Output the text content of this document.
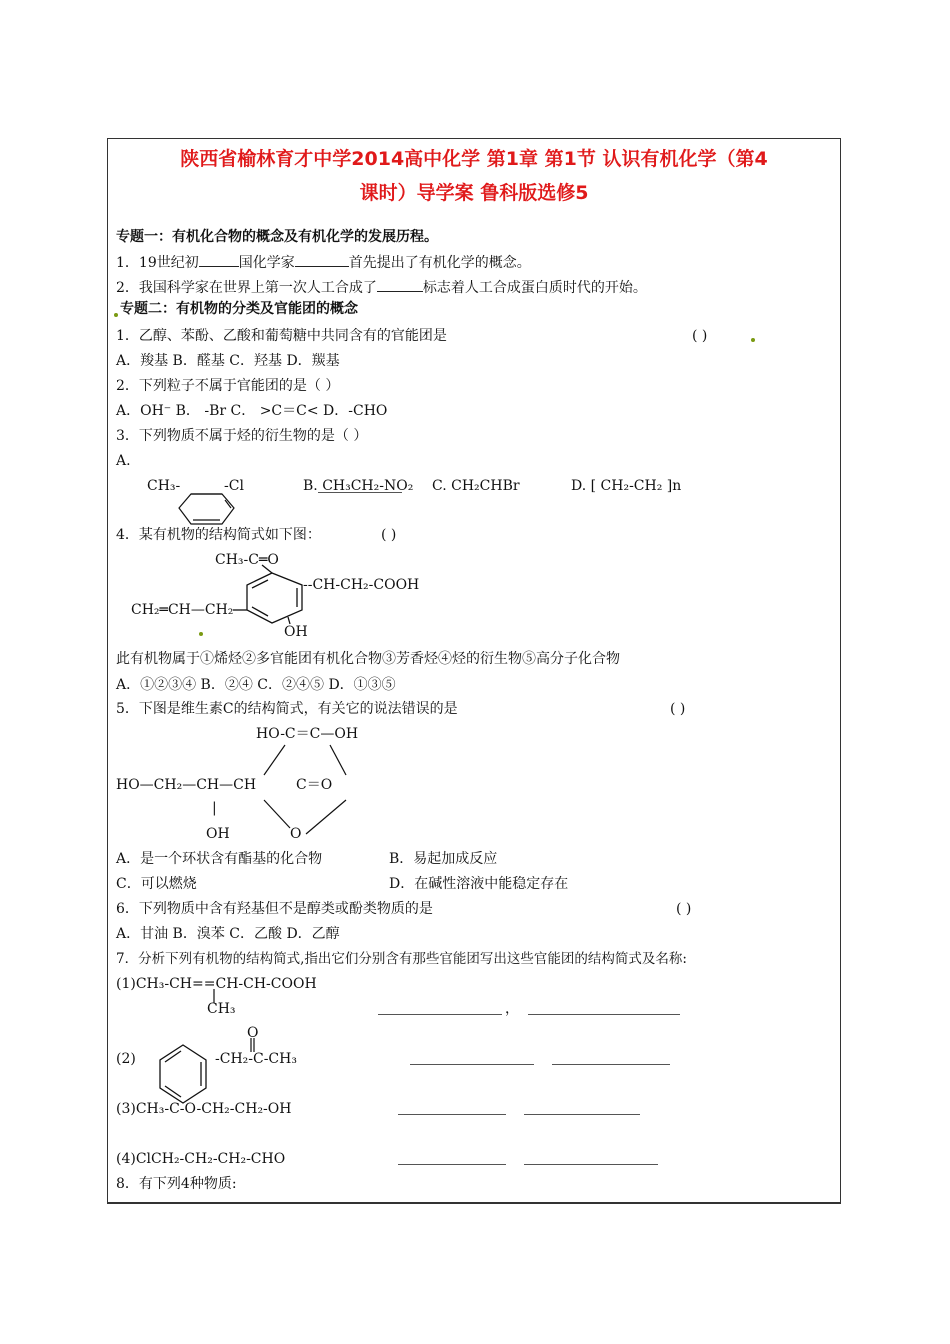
陕西省榆林育才中学2014高中化学 第1章 第1节 认识有机化学（第4
课时）导学案 鲁科版选修5
专题一：有机化合物的概念及有机化学的发展历程。
1．19世纪初	国化学家	首先提出了有机化学的概念。
2．我国科学家在世界上第一次人工合成了	标志着人工合成蛋白质时代的开始。
专题二：有机物的分类及官能团的概念
1．乙醇、苯酚、乙酸和葡萄糖中共同含有的官能团是	( )
A．羧基 B．醛基 C．羟基 D．羰基
2．下列粒子不属于官能团的是（ ）
A．OH⁻ B． -Br C． >C＝C< D．-CHO
3．下列物质不属于烃的衍生物的是（ ）
A.
CH₃-	-Cl	B. CH₃CH₂-NO₂ C. CH₂CHBr	D. [ CH₂-CH₂ ]n
4．某有机物的结构简式如下图：	( )
CH₃-C═O
--CH-CH₂-COOH
CH₂═CH—CH₂—
OH
此有机物属于①烯烃②多官能团有机化合物③芳香烃④烃的衍生物⑤高分子化合物
A．①②③④ B．②④ C．②④⑤ D．①③⑤
5．下图是维生素C的结构简式，有关它的说法错误的是	( )
HO-C＝C—OH
HO—CH₂—CH—CH	C＝O
|
OH	O
A．是一个环状含有酯基的化合物	B．易起加成反应
C．可以燃烧	D．在碱性溶液中能稳定存在
6．下列物质中含有羟基但不是醇类或酚类物质的是	( )
A．甘油 B．溴苯 C．乙酸 D．乙醇
7．分析下列有机物的结构简式,指出它们分别含有那些官能团写出这些官能团的结构简式及名称:
(1)CH₃-CH==CH-CH-COOH
CH₃	，
O
(2)	-CH₂-C-CH₃
(3)CH₃-C-O-CH₂-CH₂-OH
(4)ClCH₂-CH₂-CH₂-CHO
8．有下列4种物质:
